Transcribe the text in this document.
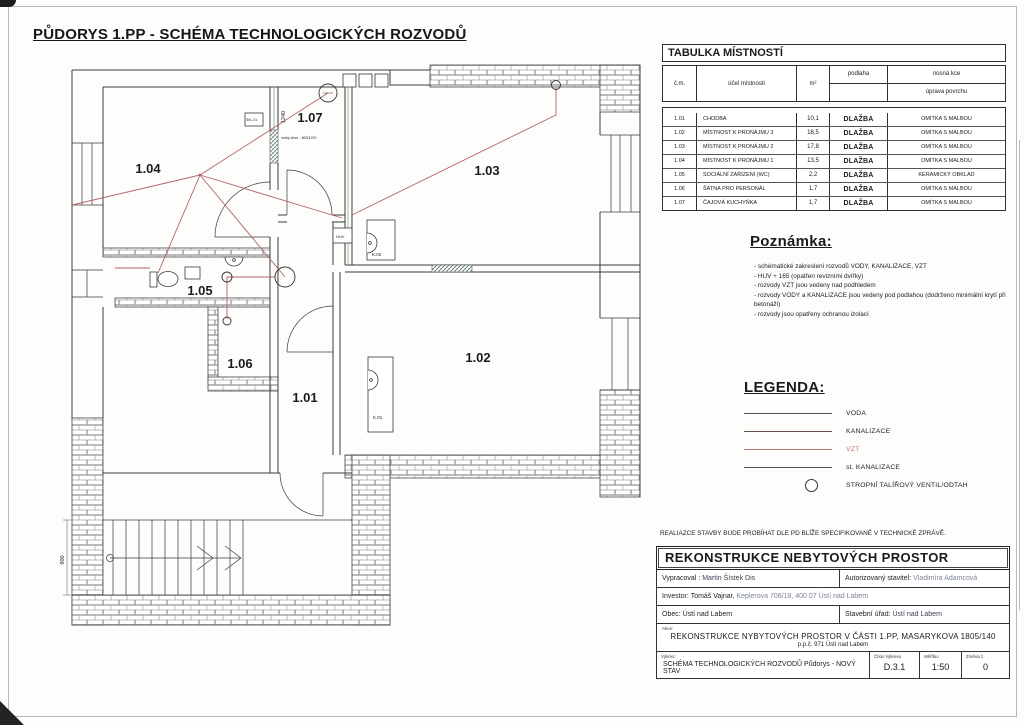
PŮDORYS 1.PP - SCHÉMA TECHNOLOGICKÝCH ROZVODŮ
900
1.04
1.07
1.03
1.05
1.06
1.01
1.02
1240
SKL.01
volný otvor - 800/1970
HUV
K.02
K.01
TABULKA MÍSTNOSTÍ
č.m.	účel místnosti	m²
podlaha	nosná kce
úprava povrchu
1.01	CHODBA	10,1	DLAŽBA	OMÍTKA S MALBOU
1.02	MÍSTNOST K PRONÁJMU 3	18,5	DLAŽBA	OMÍTKA S MALBOU
1.03	MÍSTNOST K PRONÁJMU 2	17,8	DLAŽBA	OMÍTKA S MALBOU
1.04	MÍSTNOST K PRONÁJMU 1	13,5	DLAŽBA	OMÍTKA S MALBOU
1.05	SOCIÁLNÍ ZAŘÍZENÍ (WC)	2,2	DLAŽBA	KERAMICKÝ OBKLAD
1.06	ŠATNA PRO PERSONÁL	1,7	DLAŽBA	OMÍTKA S MALBOU
1.07	ČAJOVÁ KUCHYŇKA	1,7	DLAŽBA	OMÍTKA S MALBOU
Poznámka:
- schématické zakreslení rozvodů VODY, KANALIZACE, VZT
- HUV + 165 (opatřen revizními dvířky)
- rozvody VZT jsou vedeny nad podhledem
- rozvody VODY a KANALIZACE jsou vedeny pod podlahou (dodrženo minimální krytí při betonáži)
- rozvody jsou opatřeny ochranou izolací
LEGENDA:
VODA
KANALIZACE
VZT
st. KANALIZACE
STROPNÍ TALÍŘOVÝ VENTIL/ODTAH
REALIAZCE STAVBY BUDE PROBÍHAT DLE PD BLÍŽE SPECIFIKOVANÉ V TECHNICKÉ ZPRÁVĚ.
REKONSTRUKCE NEBYTOVÝCH PROSTOR
Vypracoval : Martin Šístek Dis	Autorizovaný stavitel: Vladimíra Adamcová
Investor: Tomáš Vajnar, Keplerova 706/18, 400 07 Ústí nad Labem
Obec: Ústí nad Labem	Stavební úřad: Ústí nad Labem
Akce:
REKONSTRUKCE NYBYTOVÝCH PROSTOR V ČÁSTI 1.PP, MASARYKOVA 1805/140
p.p.č. 971 Ústí nad Labem
Výkres:
SCHÉMA TECHNOLOGICKÝCH ROZVODŮ Půdorys - NOVÝ STAV
Číslo Výkresu
D.3.1
Měřítko
1:50
Změna č.
0
